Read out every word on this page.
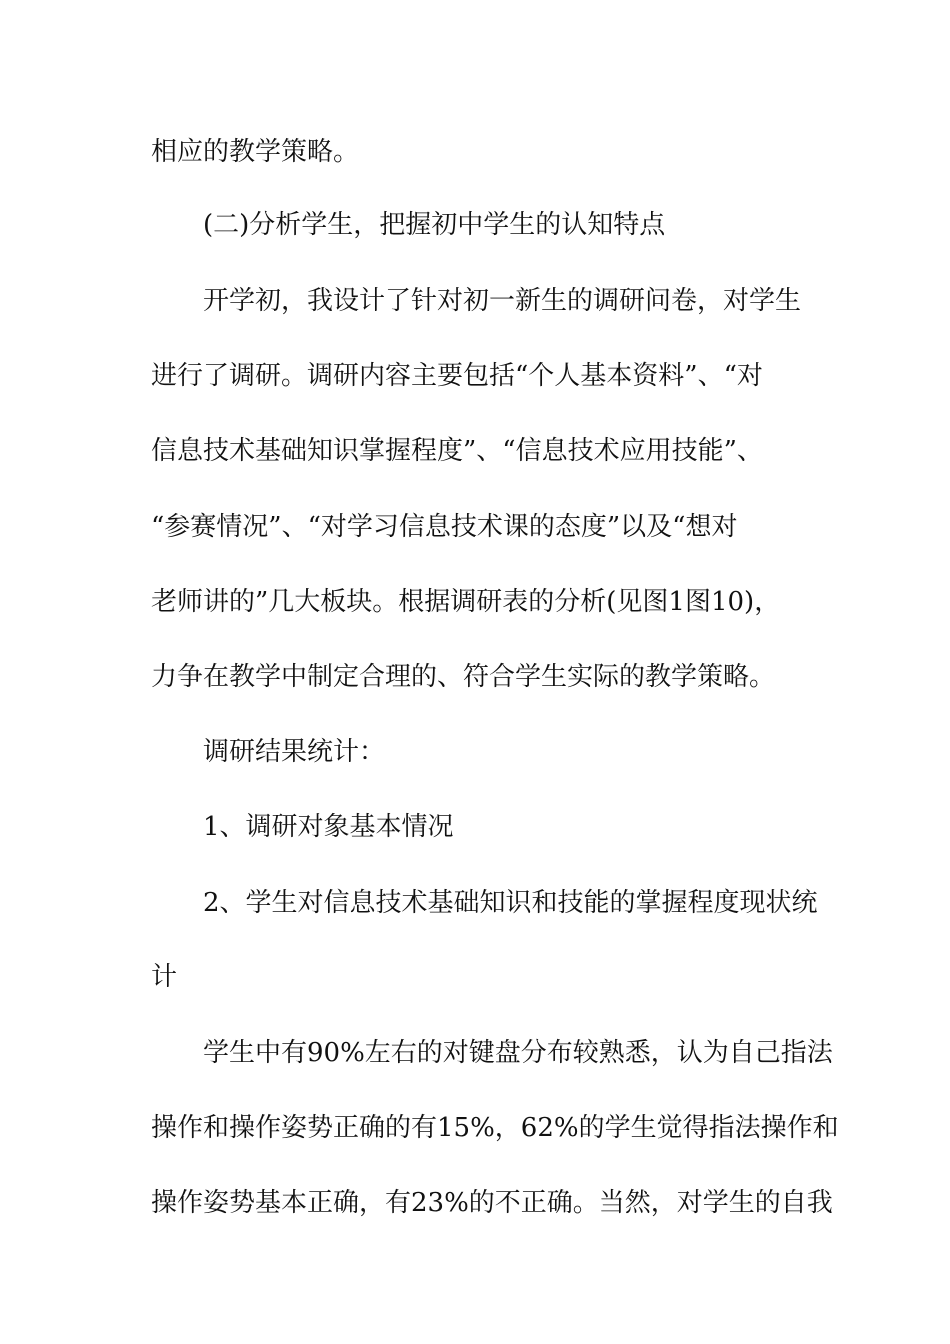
相应的教学策略。
(二)分析学生，把握初中学生的认知特点
开学初，我设计了针对初一新生的调研问卷，对学生
进行了调研。调研内容主要包括“个人基本资料”、“对
信息技术基础知识掌握程度”、“信息技术应用技能”、
“参赛情况”、“对学习信息技术课的态度”以及“想对
老师讲的”几大板块。根据调研表的分析(见图1图10)，
力争在教学中制定合理的、符合学生实际的教学策略。
调研结果统计：
1、调研对象基本情况
2、学生对信息技术基础知识和技能的掌握程度现状统
计
学生中有90%左右的对键盘分布较熟悉，认为自己指法
操作和操作姿势正确的有15%，62%的学生觉得指法操作和
操作姿势基本正确，有23%的不正确。当然，对学生的自我
